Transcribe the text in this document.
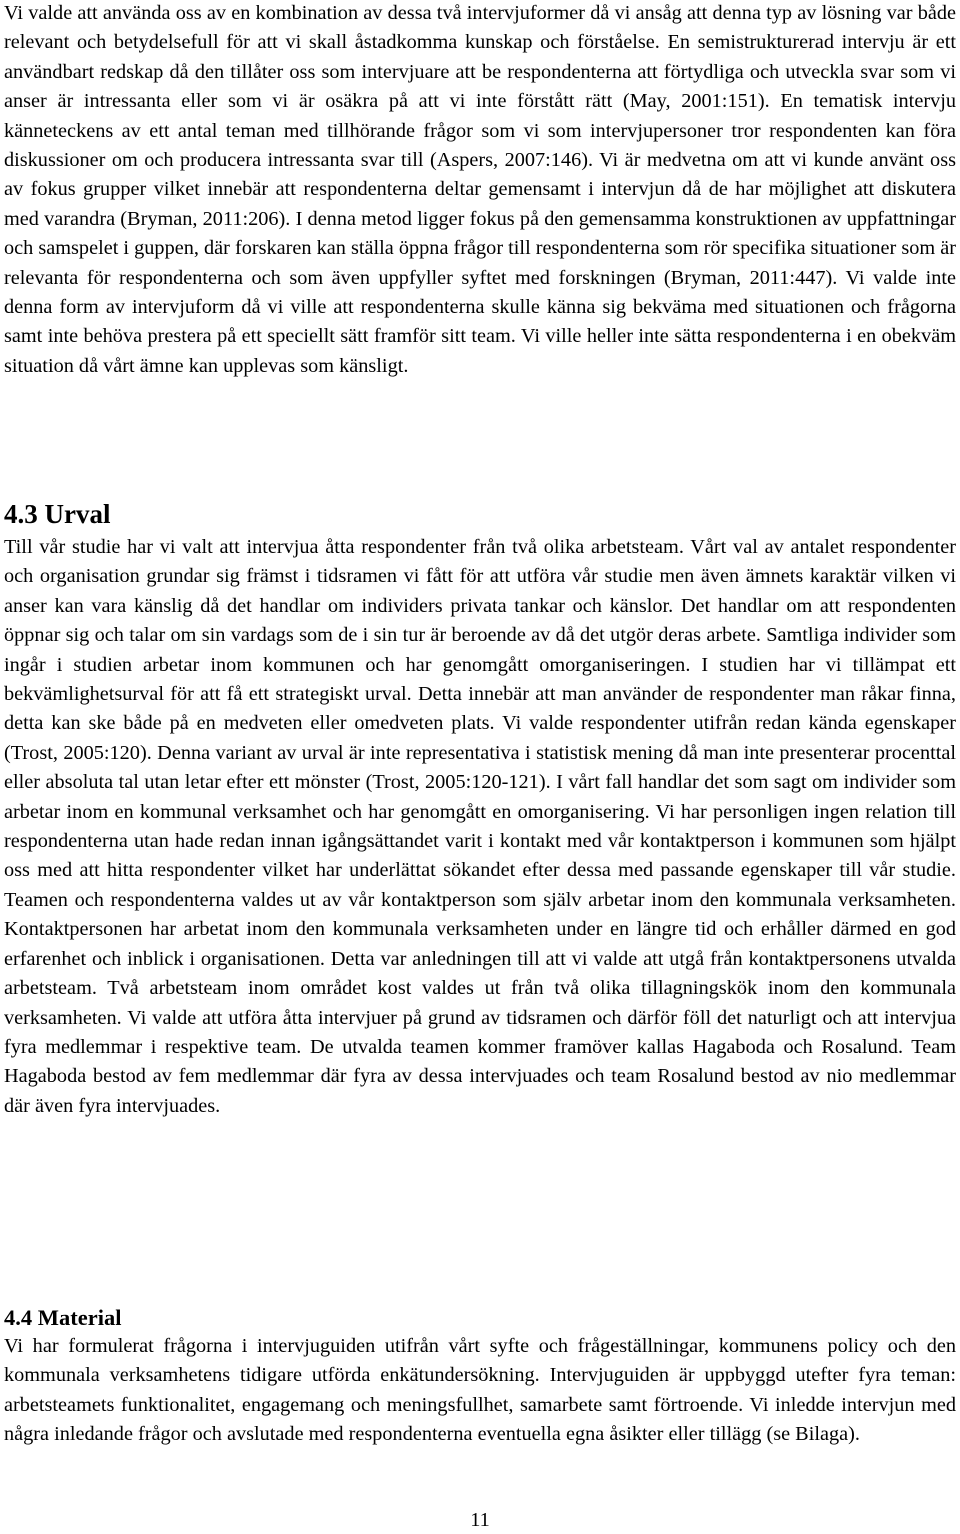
Vi valde att använda oss av en kombination av dessa två intervjuformer då vi ansåg att denna typ av lösning var både relevant och betydelsefull för att vi skall åstadkomma kunskap och förståelse. En semistrukturerad intervju är ett användbart redskap då den tillåter oss som intervjuare att be respondenterna att förtydliga och utveckla svar som vi anser är intressanta eller som vi är osäkra på att vi inte förstått rätt (May, 2001:151). En tematisk intervju känneteckens av ett antal teman med tillhörande frågor som vi som intervjupersoner tror respondenten kan föra diskussioner om och producera intressanta svar till (Aspers, 2007:146). Vi är medvetna om att vi kunde använt oss av fokus grupper vilket innebär att respondenterna deltar gemensamt i intervjun då de har möjlighet att diskutera med varandra (Bryman, 2011:206). I denna metod ligger fokus på den gemensamma konstruktionen av uppfattningar och samspelet i guppen, där forskaren kan ställa öppna frågor till respondenterna som rör specifika situationer som är relevanta för respondenterna och som även uppfyller syftet med forskningen (Bryman, 2011:447). Vi valde inte denna form av intervjuform då vi ville att respondenterna skulle känna sig bekväma med situationen och frågorna samt inte behöva prestera på ett speciellt sätt framför sitt team. Vi ville heller inte sätta respondenterna i en obekväm situation då vårt ämne kan upplevas som känsligt.

4.3 Urval

Till vår studie har vi valt att intervjua åtta respondenter från två olika arbetsteam. Vårt val av antalet respondenter och organisation grundar sig främst i tidsramen vi fått för att utföra vår studie men även ämnets karaktär vilken vi anser kan vara känslig då det handlar om individers privata tankar och känslor. Det handlar om att respondenten öppnar sig och talar om sin vardags som de i sin tur är beroende av då det utgör deras arbete. Samtliga individer som ingår i studien arbetar inom kommunen och har genomgått omorganiseringen. I studien har vi tillämpat ett bekvämlighetsurval för att få ett strategiskt urval. Detta innebär att man använder de respondenter man råkar finna, detta kan ske både på en medveten eller omedveten plats. Vi valde respondenter utifrån redan kända egenskaper (Trost, 2005:120). Denna variant av urval är inte representativa i statistisk mening då man inte presenterar procenttal eller absoluta tal utan letar efter ett mönster (Trost, 2005:120-121). I vårt fall handlar det som sagt om individer som arbetar inom en kommunal verksamhet och har genomgått en omorganisering. Vi har personligen ingen relation till respondenterna utan hade redan innan igångsättandet varit i kontakt med vår kontaktperson i kommunen som hjälpt oss med att hitta respondenter vilket har underlättat sökandet efter dessa med passande egenskaper till vår studie. Teamen och respondenterna valdes ut av vår kontaktperson som själv arbetar inom den kommunala verksamheten. Kontaktpersonen har arbetat inom den kommunala verksamheten under en längre tid och erhåller därmed en god erfarenhet och inblick i organisationen. Detta var anledningen till att vi valde att utgå från kontaktpersonens utvalda arbetsteam. Två arbetsteam inom området kost valdes ut från två olika tillagningskök inom den kommunala verksamheten. Vi valde att utföra åtta intervjuer på grund av tidsramen och därför föll det naturligt och att intervjua fyra medlemmar i respektive team. De utvalda teamen kommer framöver kallas Hagaboda och Rosalund. Team Hagaboda bestod av fem medlemmar där fyra av dessa intervjuades och team Rosalund bestod av nio medlemmar där även fyra intervjuades.

4.4 Material

Vi har formulerat frågorna i intervjuguiden utifrån vårt syfte och frågeställningar, kommunens policy och den kommunala verksamhetens tidigare utförda enkätundersökning. Intervjuguiden är uppbyggd utefter fyra teman: arbetsteamets funktionalitet, engagemang och meningsfullhet, samarbete samt förtroende. Vi inledde intervjun med några inledande frågor och avslutade med respondenterna eventuella egna åsikter eller tillägg (se Bilaga).

11
